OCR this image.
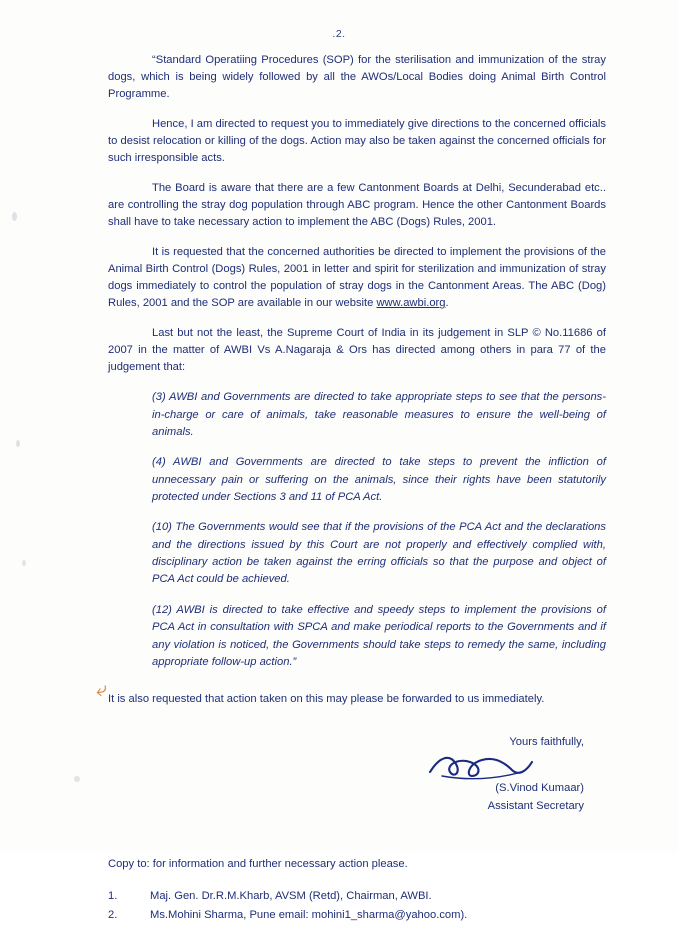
.2.

“Standard Operatiing Procedures (SOP) for the sterilisation and immunization of the stray dogs, which is being widely followed by all the AWOs/Local Bodies doing Animal Birth Control Programme.

Hence, I am directed to request you to immediately give directions to the concerned officials to desist relocation or killing of the dogs. Action may also be taken against the concerned officials for such irresponsible acts.

The Board is aware that there are a few Cantonment Boards at Delhi, Secunderabad etc.. are controlling the stray dog population through ABC program. Hence the other Cantonment Boards shall have to take necessary action to implement the ABC (Dogs) Rules, 2001.

It is requested that the concerned authorities be directed to implement the provisions of the Animal Birth Control (Dogs) Rules, 2001 in letter and spirit for sterilization and immunization of stray dogs immediately to control the population of stray dogs in the Cantonment Areas. The ABC (Dog) Rules, 2001 and the SOP are available in our website www.awbi.org.

Last but not the least, the Supreme Court of India in its judgement in SLP © No.11686 of 2007 in the matter of AWBI Vs A.Nagaraja & Ors has directed among others in para 77 of the judgement that:

(3) AWBI and Governments are directed to take appropriate steps to see that the persons-in-charge or care of animals, take reasonable measures to ensure the well-being of animals.

(4) AWBI and Governments are directed to take steps to prevent the infliction of unnecessary pain or suffering on the animals, since their rights have been statutorily protected under Sections 3 and 11 of PCA Act.

(10) The Governments would see that if the provisions of the PCA Act and the declarations and the directions issued by this Court are not properly and effectively complied with, disciplinary action be taken against the erring officials so that the purpose and object of PCA Act could be achieved.

(12) AWBI is directed to take effective and speedy steps to implement the provisions of PCA Act in consultation with SPCA and make periodical reports to the Governments and if any violation is noticed, the Governments should take steps to remedy the same, including appropriate follow-up action.”

It is also requested that action taken on this may please be forwarded to us immediately.
Yours faithfully,
(S.Vinod Kumaar)
Assistant Secretary
Copy to: for information and further necessary action please.
1.	Maj. Gen. Dr.R.M.Kharb, AVSM (Retd), Chairman, AWBI.
2.	Ms.Mohini Sharma, Pune email: mohini1_sharma@yahoo.com).
⤶
